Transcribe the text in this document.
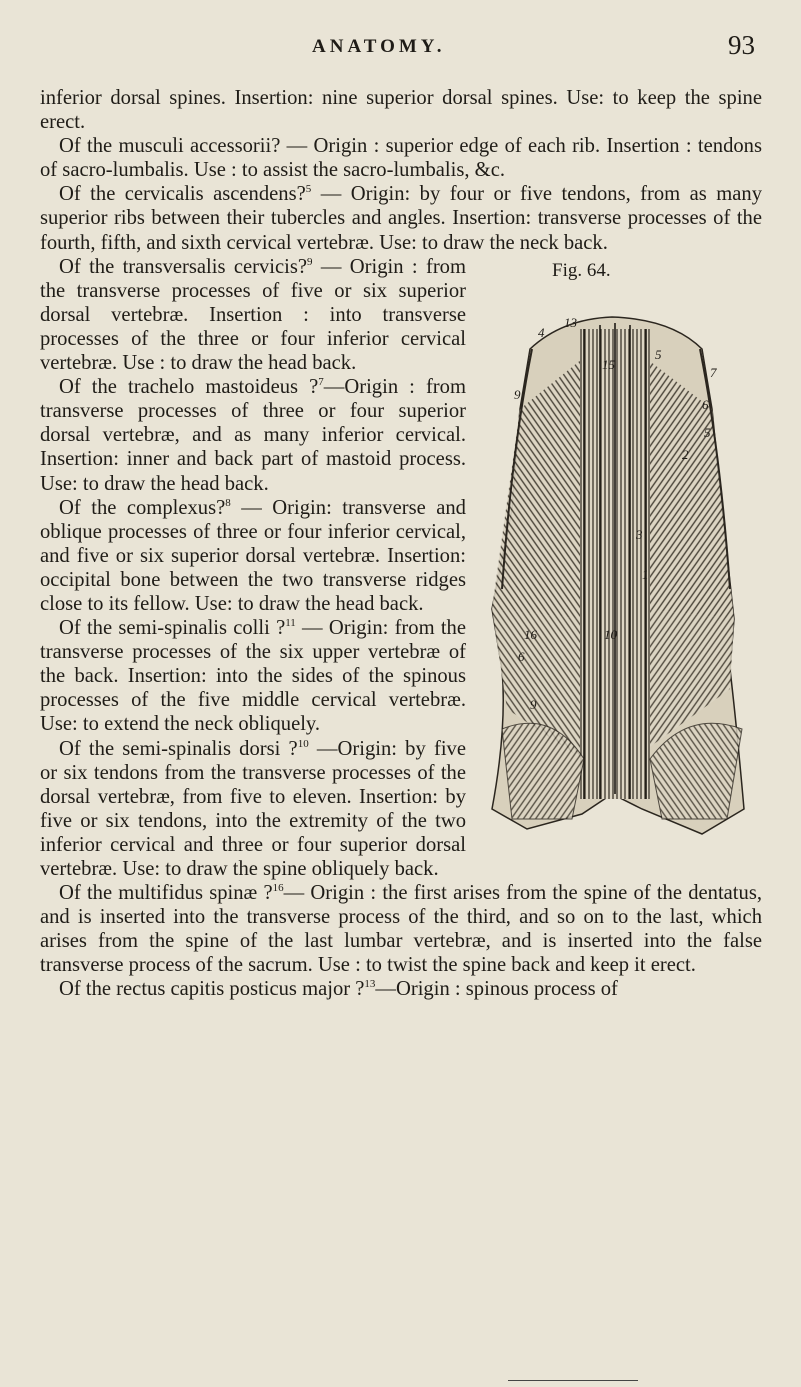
ANATOMY.	93

inferior dorsal spines. Insertion: nine superior dorsal spines. Use: to keep the spine erect.

Of the musculi accessorii? — Origin : superior edge of each rib. Insertion : tendons of sacro-lumbalis. Use : to assist the sacro-lumbalis, &c.

Of the cervicalis ascendens?$^5$ — Origin: by four or five tendons, from as many superior ribs between their tubercles and angles. Insertion: transverse processes of the fourth, fifth, and sixth cervical vertebræ. Use: to draw the neck back.

Fig. 64.
4
13
15
5
9
7
6
5
3
1
10
16
9
2
6

Of the transversalis cervicis?$^9$ — Origin : from the transverse processes of five or six superior dorsal vertebræ. Insertion : into transverse processes of the three or four inferior cervical vertebræ. Use : to draw the head back.

Of the trachelo mastoideus ?$^7$—Origin : from transverse processes of three or four superior dorsal vertebræ, and as many inferior cervical. Insertion: inner and back part of mastoid process. Use: to draw the head back.

Of the complexus?$^8$ — Origin: transverse and oblique processes of three or four inferior cervical, and five or six superior dorsal vertebræ. Insertion: occipital bone between the two transverse ridges close to its fellow. Use: to draw the head back.

Of the semi-spinalis colli ?$^{11}$ — Origin: from the transverse processes of the six upper vertebræ of the back. Insertion: into the sides of the spinous processes of the five middle cervical vertebræ. Use: to extend the neck obliquely.

Of the semi-spinalis dorsi ?$^{10}$ —Origin: by five or six tendons from the transverse processes of the dorsal vertebræ, from five to eleven. Insertion: by five or six tendons, into the extremity of the two inferior cervical and three or four superior dorsal vertebræ. Use: to draw the spine obliquely back.

Of the multifidus spinæ ?$^{16}$— Origin : the first arises from the spine of the dentatus, and is inserted into the transverse process of the third, and so on to the last, which arises from the spine of the last lumbar vertebræ, and is inserted into the false transverse process of the sacrum. Use : to twist the spine back and keep it erect.

Of the rectus capitis posticus major ?$^{13}$—Origin : spinous process of
